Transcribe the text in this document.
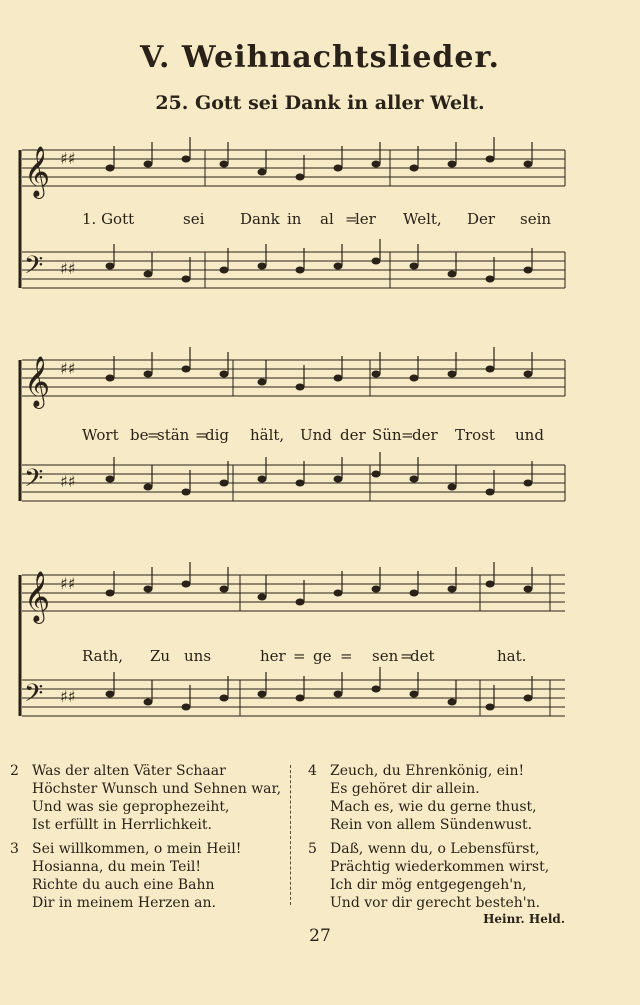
V. Weihnachtslieder.
25. Gott sei Dank in aller Welt.
𝄞
𝄢
♯♯
♯♯
𝄞
𝄢
♯♯
♯♯
𝄞
𝄢
♯♯
♯♯
1. Gott	sei Dank in al =
ler Welt, Der sein
Wort be
=
stän =
dig hält, Und der Sün =
der Trost und
Rath, Zu uns	her = ge = sen =
det	hat.
2 Was der alten Väter Schaar
Höchster Wunsch und Sehnen war,
Und was sie geprophezeiht,
Ist erfüllt in Herrlichkeit.
3 Sei willkommen, o mein Heil!
Hosianna, du mein Teil!
Richte du auch eine Bahn
Dir in meinem Herzen an.
4 Zeuch, du Ehrenkönig, ein!
Es gehöret dir allein.
Mach es, wie du gerne thust,
Rein von allem Sündenwust.
5 Daß, wenn du, o Lebensfürst,
Prächtig wiederkommen wirst,
Ich dir mög entgegengeh'n,
Und vor dir gerecht besteh'n.
Heinr. Held.
27
